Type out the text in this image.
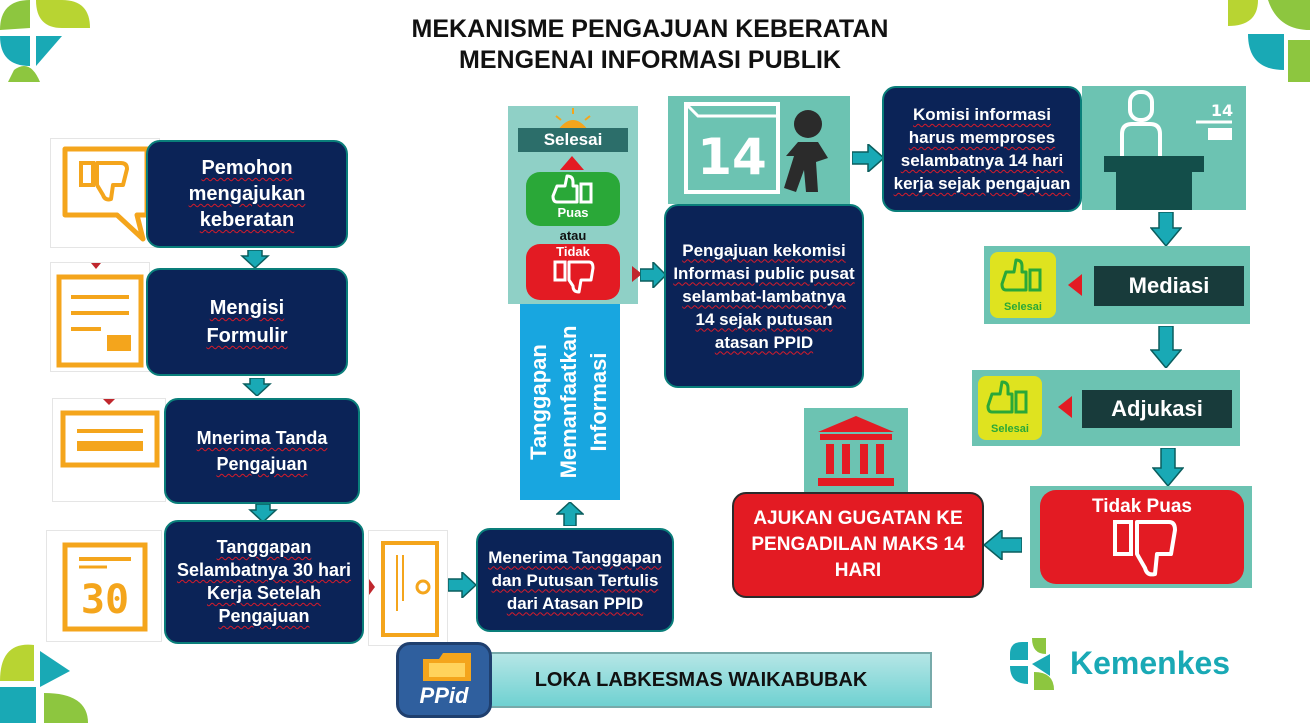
MEKANISME PENGAJUAN KEBERATAN
MENGENAI INFORMASI PUBLIK
Pemohon mengajukan keberatan
Mengisi Formulir
Mnerima Tanda Pengajuan
30
Tanggapan Selambatnya 30 hari Kerja Setelah Pengajuan
Menerima Tanggapan dan Putusan Tertulis dari Atasan PPID
Tanggapan Memanfaatkan Informasi
Selesai
Puas
atau
Tidak	Pengajuan kekomisi Informasi public pusat selambat-lambatnya 14 sejak putusan atasan PPID
14
Komisi informasi harus memproses selambatnya 14 hari kerja sejak pengajuan
14
Selesai
Mediasi
Selesai
Adjukasi
Tidak Puas
AJUKAN GUGATAN KE PENGADILAN MAKS 14 HARI
LOKA LABKESMAS WAIKABUBAK
PPid
Kemenkes
